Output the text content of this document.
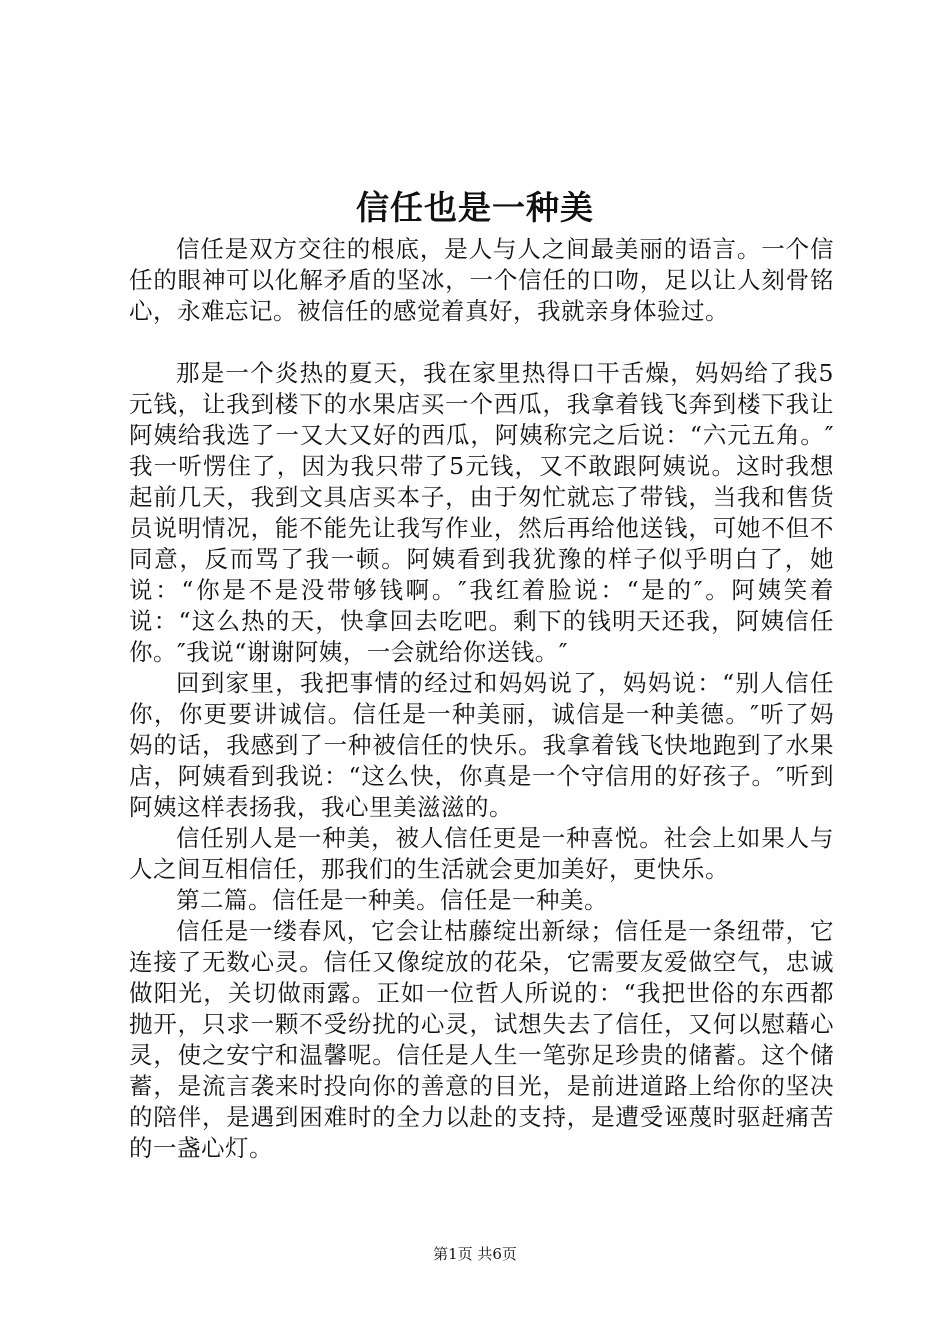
信任也是一种美

信任是双方交往的根底，是人与人之间最美丽的语言。一个信任的眼神可以化解矛盾的坚冰，一个信任的口吻，足以让人刻骨铭心，永难忘记。被信任的感觉着真好，我就亲身体验过。

那是一个炎热的夏天，我在家里热得口干舌燥，妈妈给了我5元钱，让我到楼下的水果店买一个西瓜，我拿着钱飞奔到楼下我让阿姨给我选了一又大又好的西瓜，阿姨称完之后说：“六元五角。″我一听愣住了，因为我只带了5元钱，又不敢跟阿姨说。这时我想起前几天，我到文具店买本子，由于匆忙就忘了带钱，当我和售货员说明情况，能不能先让我写作业，然后再给他送钱，可她不但不同意，反而骂了我一顿。阿姨看到我犹豫的样子似乎明白了，她说：“你是不是没带够钱啊。″我红着脸说：“是的″。阿姨笑着说：“这么热的天，快拿回去吃吧。剩下的钱明天还我，阿姨信任你。″我说“谢谢阿姨，一会就给你送钱。″

回到家里，我把事情的经过和妈妈说了，妈妈说：“别人信任你，你更要讲诚信。信任是一种美丽，诚信是一种美德。″听了妈妈的话，我感到了一种被信任的快乐。我拿着钱飞快地跑到了水果店，阿姨看到我说：“这么快，你真是一个守信用的好孩子。″听到阿姨这样表扬我，我心里美滋滋的。

信任别人是一种美，被人信任更是一种喜悦。社会上如果人与人之间互相信任，那我们的生活就会更加美好，更快乐。

第二篇。信任是一种美。信任是一种美。

信任是一缕春风，它会让枯藤绽出新绿；信任是一条纽带，它连接了无数心灵。信任又像绽放的花朵，它需要友爱做空气，忠诚做阳光，关切做雨露。正如一位哲人所说的：“我把世俗的东西都抛开，只求一颗不受纷扰的心灵，试想失去了信任，又何以慰藉心灵，使之安宁和温馨呢。信任是人生一笔弥足珍贵的储蓄。这个储蓄，是流言袭来时投向你的善意的目光，是前进道路上给你的坚决的陪伴，是遇到困难时的全力以赴的支持，是遭受诬蔑时驱赶痛苦的一盏心灯。

第1页 共6页
